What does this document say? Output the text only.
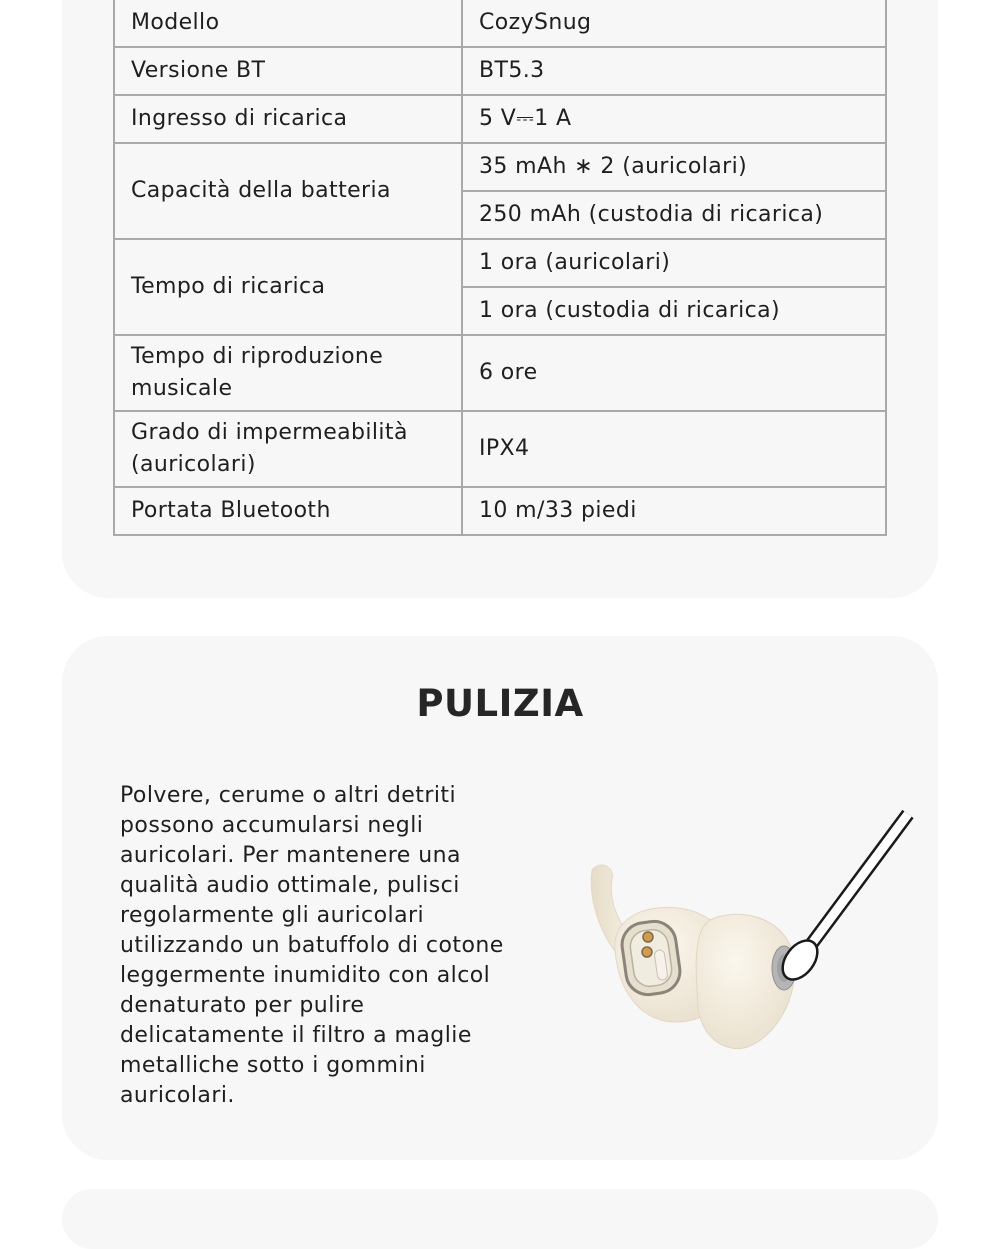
Modello	CozySnug
Versione BT	BT5.3
Ingresso di ricarica	5 V⎓1 A
Capacità della batteria	35 mAh ∗ 2 (auricolari)
	250 mAh (custodia di ricarica)
Tempo di ricarica	1 ora (auricolari)
	1 ora (custodia di ricarica)
Tempo di riproduzione musicale	6 ore
Grado di impermeabilità (auricolari)	IPX4
Portata Bluetooth	10 m/33 piedi
PULIZIA

Polvere, cerume o altri detriti possono accumularsi negli auricolari. Per mantenere una qualità audio ottimale, pulisci regolarmente gli auricolari utilizzando un batuffolo di cotone leggermente inumidito con alcol denaturato per pulire delicatamente il filtro a maglie metalliche sotto i gommini auricolari.
